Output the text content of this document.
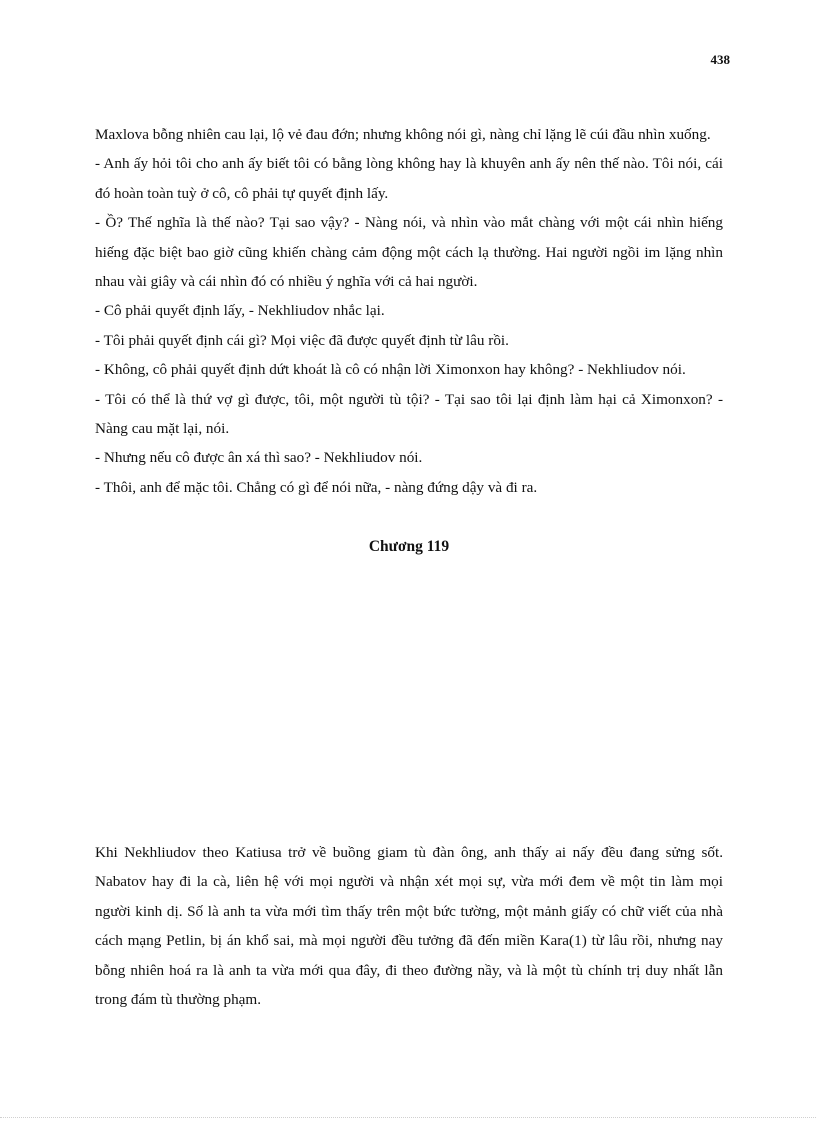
438

Maxlova bỗng nhiên cau lại, lộ vẻ đau đớn; nhưng không nói gì, nàng chỉ lặng lẽ cúi đầu nhìn xuống.

- Anh ấy hỏi tôi cho anh ấy biết tôi có bằng lòng không hay là khuyên anh ấy nên thế nào. Tôi nói, cái đó hoàn toàn tuỳ ở cô, cô phải tự quyết định lấy.

- Ồ? Thế nghĩa là thế nào? Tại sao vậy? - Nàng nói, và nhìn vào mắt chàng với một cái nhìn hiếng hiếng đặc biệt bao giờ cũng khiến chàng cảm động một cách lạ thường. Hai người ngồi im lặng nhìn nhau vài giây và cái nhìn đó có nhiều ý nghĩa với cả hai người.

- Cô phải quyết định lấy, - Nekhliudov nhắc lại.

- Tôi phải quyết định cái gì? Mọi việc đã được quyết định từ lâu rồi.

- Không, cô phải quyết định dứt khoát là cô có nhận lời Ximonxon hay không? - Nekhliudov nói.

- Tôi có thể là thứ vợ gì được, tôi, một người tù tội? - Tại sao tôi lại định làm hại cả Ximonxon? - Nàng cau mặt lại, nói.

- Nhưng nếu cô được ân xá thì sao? - Nekhliudov nói.

- Thôi, anh để mặc tôi. Chẳng có gì để nói nữa, - nàng đứng dậy và đi ra.

Chương 119

Khi Nekhliudov theo Katiusa trở về buồng giam tù đàn ông, anh thấy ai nấy đều đang sửng sốt. Nabatov hay đi la cà, liên hệ với mọi người và nhận xét mọi sự, vừa mới đem về một tin làm mọi người kinh dị. Số là anh ta vừa mới tìm thấy trên một bức tường, một mảnh giấy có chữ viết của nhà cách mạng Petlin, bị án khổ sai, mà mọi người đều tưởng đã đến miền Kara(1) từ lâu rồi, nhưng nay bỗng nhiên hoá ra là anh ta vừa mới qua đây, đi theo đường nầy, và là một tù chính trị duy nhất lẫn trong đám tù thường phạm.
